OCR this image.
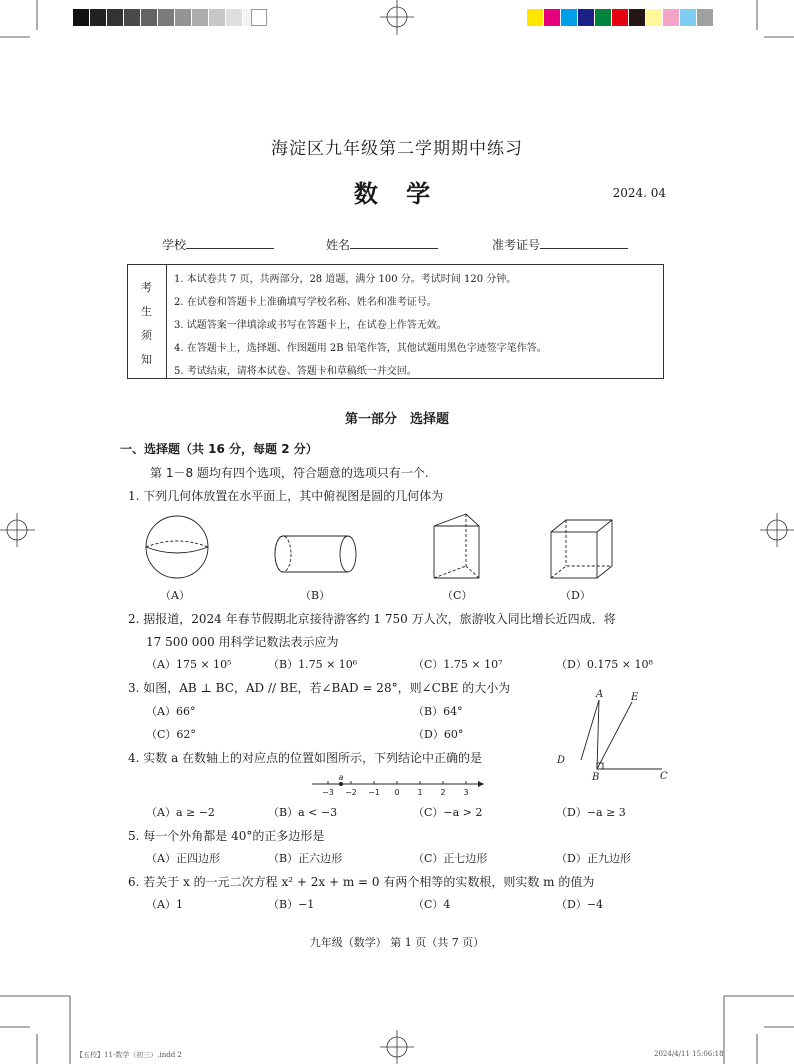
海淀区九年级第二学期期中练习
数 学	2024. 04
学校	姓名	准考证号
考
生
须
知
1. 本试卷共 7 页，共两部分，28 道题，满分 100 分。考试时间 120 分钟。
2. 在试卷和答题卡上准确填写学校名称、姓名和准考证号。
3. 试题答案一律填涂或书写在答题卡上，在试卷上作答无效。
4. 在答题卡上，选择题、作图题用 2B 铅笔作答，其他试题用黑色字迹签字笔作答。
5. 考试结束，请将本试卷、答题卡和草稿纸一并交回。
第一部分　选择题
一、选择题（共 16 分，每题 2 分）
第 1－8 题均有四个选项，符合题意的选项只有一个.
1. 下列几何体放置在水平面上，其中俯视图是圆的几何体为
（A）	（B）	（C）	（D）
2. 据报道，2024 年春节假期北京接待游客约 1 750 万人次，旅游收入同比增长近四成．将
17 500 000 用科学记数法表示应为
（A）175 × 10⁵	（B）1.75 × 10⁶	（C）1.75 × 10⁷	（D）0.175 × 10⁸
3. 如图，AB ⊥ BC，AD // BE，若∠BAD = 28°，则∠CBE 的大小为
（A）66°	（B）64°
（C）62°	（D）60°
A	E
D
B	C
4. 实数 a 在数轴上的对应点的位置如图所示，下列结论中正确的是
a
−3 −2 −1 0 1 2 3
（A）a ≥ −2	（B）a < −3	（C）−a > 2	（D）−a ≥ 3
5. 每一个外角都是 40°的正多边形是
（A）正四边形	（B）正六边形	（C）正七边形	（D）正九边形
6. 若关于 x 的一元二次方程 x² + 2x + m = 0 有两个相等的实数根，则实数 m 的值为
（A）1	（B）−1	（C）4	（D）−4
九年级（数学） 第 1 页（共 7 页）
【五校】11-数学（初三）.indd 2	2024/4/11 15:06:18
